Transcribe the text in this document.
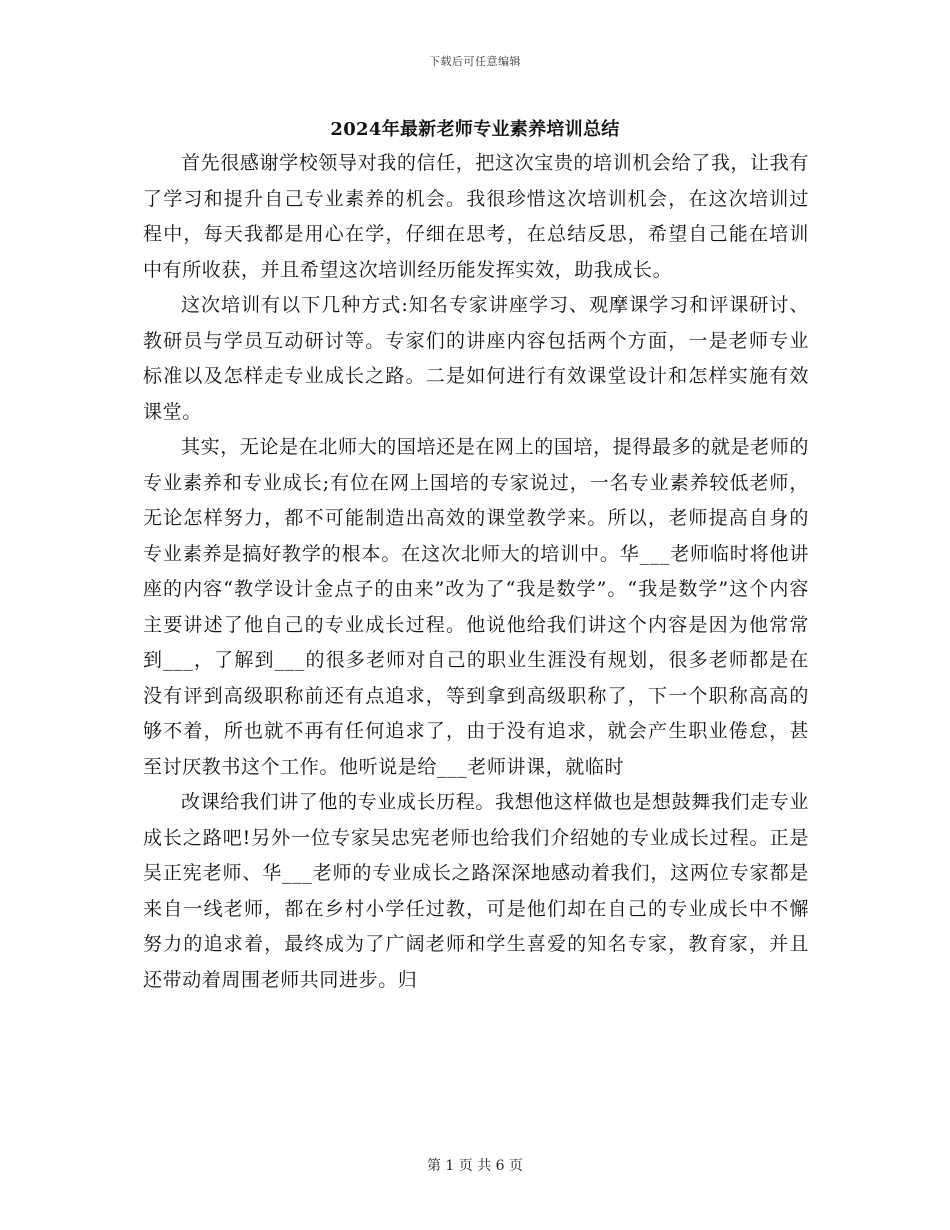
下载后可任意编辑
2024年最新老师专业素养培训总结

首先很感谢学校领导对我的信任，把这次宝贵的培训机会给了我，让我有了学习和提升自己专业素养的机会。我很珍惜这次培训机会，在这次培训过程中，每天我都是用心在学，仔细在思考，在总结反思，希望自己能在培训中有所收获，并且希望这次培训经历能发挥实效，助我成长。

这次培训有以下几种方式:知名专家讲座学习、观摩课学习和评课研讨、教研员与学员互动研讨等。专家们的讲座内容包括两个方面，一是老师专业标准以及怎样走专业成长之路。二是如何进行有效课堂设计和怎样实施有效课堂。

其实，无论是在北师大的国培还是在网上的国培，提得最多的就是老师的专业素养和专业成长;有位在网上国培的专家说过，一名专业素养较低老师，无论怎样努力，都不可能制造出高效的课堂教学来。所以，老师提高自身的专业素养是搞好教学的根本。在这次北师大的培训中。华___老师临时将他讲座的内容“教学设计金点子的由来”改为了“我是数学”。“我是数学”这个内容主要讲述了他自己的专业成长过程。他说他给我们讲这个内容是因为他常常到___，了解到___的很多老师对自己的职业生涯没有规划，很多老师都是在没有评到高级职称前还有点追求，等到拿到高级职称了，下一个职称高高的够不着，所也就不再有任何追求了，由于没有追求，就会产生职业倦怠，甚至讨厌教书这个工作。他听说是给___老师讲课，就临时

改课给我们讲了他的专业成长历程。我想他这样做也是想鼓舞我们走专业成长之路吧!另外一位专家吴忠宪老师也给我们介绍她的专业成长过程。正是吴正宪老师、华___老师的专业成长之路深深地感动着我们，这两位专家都是来自一线老师，都在乡村小学任过教，可是他们却在自己的专业成长中不懈努力的追求着，最终成为了广阔老师和学生喜爱的知名专家，教育家，并且还带动着周围老师共同进步。归

第 1 页 共 6 页
